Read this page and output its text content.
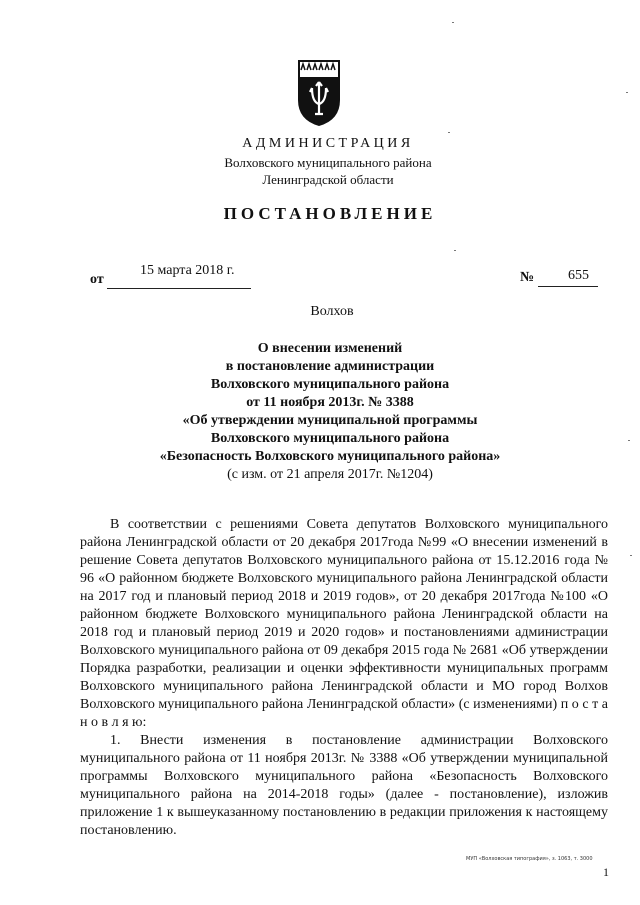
АДМИНИСТРАЦИЯ
Волховского муниципального района
Ленинградской области
ПОСТАНОВЛЕНИЕ
от
15 марта 2018 г.	№ 655
Волхов
О внесении изменений
в постановление администрации
Волховского муниципального района
от 11 ноября 2013г. № 3388
«Об утверждении муниципальной программы
Волховского муниципального района
«Безопасность Волховского муниципального района»
(с изм. от 21 апреля 2017г. №1204)

В соответствии с решениями Совета депутатов Волховского муниципального района Ленинградской области от 20 декабря 2017года №99 «О внесении изменений в решение Совета депутатов Волховского муниципального района от 15.12.2016 года № 96 «О районном бюджете Волховского муниципального района Ленинградской области на 2017 год и плановый период 2018 и 2019 годов», от 20 декабря 2017года №100 «О районном бюджете Волховского муниципального района Ленинградской области на 2018 год и плановый период 2019 и 2020 годов» и постановлениями администрации Волховского муниципального района от 09 декабря 2015 года № 2681 «Об утверждении Порядка разработки, реализации и оценки эффективности муниципальных программ Волховского муниципального района Ленинградской области и МО город Волхов Волховского муниципального района Ленинградской области» (с изменениями) п о с т а н о в л я ю:

1. Внести изменения в постановление администрации Волховского муниципального района от 11 ноября 2013г. № 3388 «Об утверждении муниципальной программы Волховского муниципального района «Безопасность Волховского муниципального района на 2014-2018 годы» (далее - постановление), изложив приложение 1 к вышеуказанному постановлению в редакции приложения к настоящему постановлению.

МУП «Волховская типография», з. 1063, т. 3000
1
